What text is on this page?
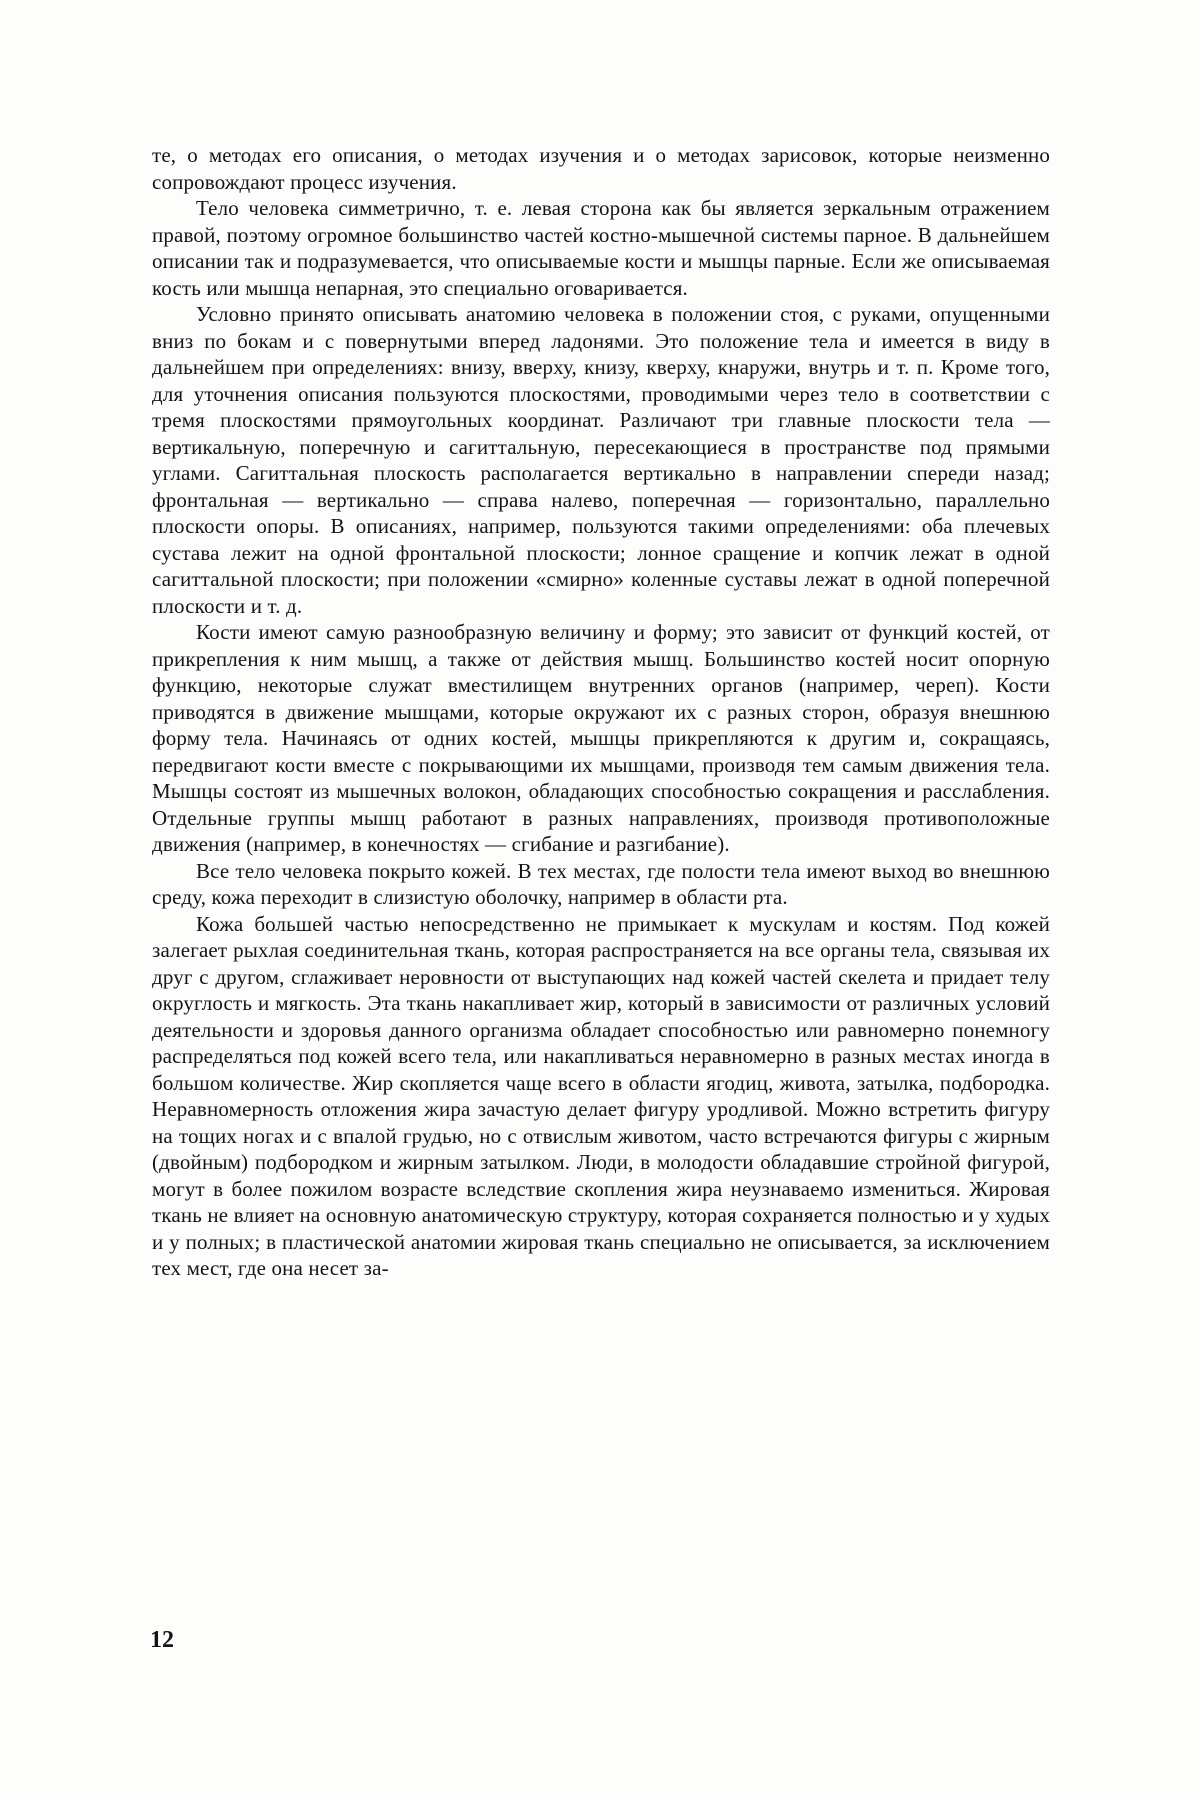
те, о методах его описания, о методах изучения и о методах зарисовок, которые неизменно сопровождают процесс изучения.

Тело человека симметрично, т. е. левая сторона как бы является зеркальным отражением правой, поэтому огромное большинство частей костно-мышечной системы парное. В дальнейшем описании так и подразумевается, что описываемые кости и мышцы парные. Если же описываемая кость или мышца непарная, это специально оговаривается.

Условно принято описывать анатомию человека в положении стоя, с руками, опущенными вниз по бокам и с повернутыми вперед ладонями. Это положение тела и имеется в виду в дальнейшем при определениях: внизу, вверху, книзу, кверху, кнаружи, внутрь и т. п. Кроме того, для уточнения описания пользуются плоскостями, проводимыми через тело в соответствии с тремя плоскостями прямоугольных координат. Различают три главные плоскости тела — вертикальную, поперечную и сагиттальную, пересекающиеся в пространстве под прямыми углами. Сагиттальная плоскость располагается вертикально в направлении спереди назад; фронтальная — вертикально — справа налево, поперечная — горизонтально, параллельно плоскости опоры. В описаниях, например, пользуются такими определениями: оба плечевых сустава лежит на одной фронтальной плоскости; лонное сращение и копчик лежат в одной сагиттальной плоскости; при положении «смирно» коленные суставы лежат в одной поперечной плоскости и т. д.

Кости имеют самую разнообразную величину и форму; это зависит от функций костей, от прикрепления к ним мышц, а также от действия мышц. Большинство костей носит опорную функцию, некоторые служат вместилищем внутренних органов (например, череп). Кости приводятся в движение мышцами, которые окружают их с разных сторон, образуя внешнюю форму тела. Начинаясь от одних костей, мышцы прикрепляются к другим и, сокращаясь, передвигают кости вместе с покрывающими их мышцами, производя тем самым движения тела. Мышцы состоят из мышечных волокон, обладающих способностью сокращения и расслабления. Отдельные группы мышц работают в разных направлениях, производя противоположные движения (например, в конечностях — сгибание и разгибание).

Все тело человека покрыто кожей. В тех местах, где полости тела имеют выход во внешнюю среду, кожа переходит в слизистую оболочку, например в области рта.

Кожа большей частью непосредственно не примыкает к мускулам и костям. Под кожей залегает рыхлая соединительная ткань, которая распространяется на все органы тела, связывая их друг с другом, сглаживает неровности от выступающих над кожей частей скелета и придает телу округлость и мягкость. Эта ткань накапливает жир, который в зависимости от различных условий деятельности и здоровья данного организма обладает способностью или равномерно понемногу распределяться под кожей всего тела, или накапливаться неравномерно в разных местах иногда в большом количестве. Жир скопляется чаще всего в области ягодиц, живота, затылка, подбородка. Неравномерность отложения жира зачастую делает фигуру уродливой. Можно встретить фигуру на тощих ногах и с впалой грудью, но с отвислым животом, часто встречаются фигуры с жирным (двойным) подбородком и жирным затылком. Люди, в молодости обладавшие стройной фигурой, могут в более пожилом возрасте вследствие скопления жира неузнаваемо измениться. Жировая ткань не влияет на основную анатомическую структуру, которая сохраняется полностью и у худых и у полных; в пластической анатомии жировая ткань специально не описывается, за исключением тех мест, где она несет за-

12
